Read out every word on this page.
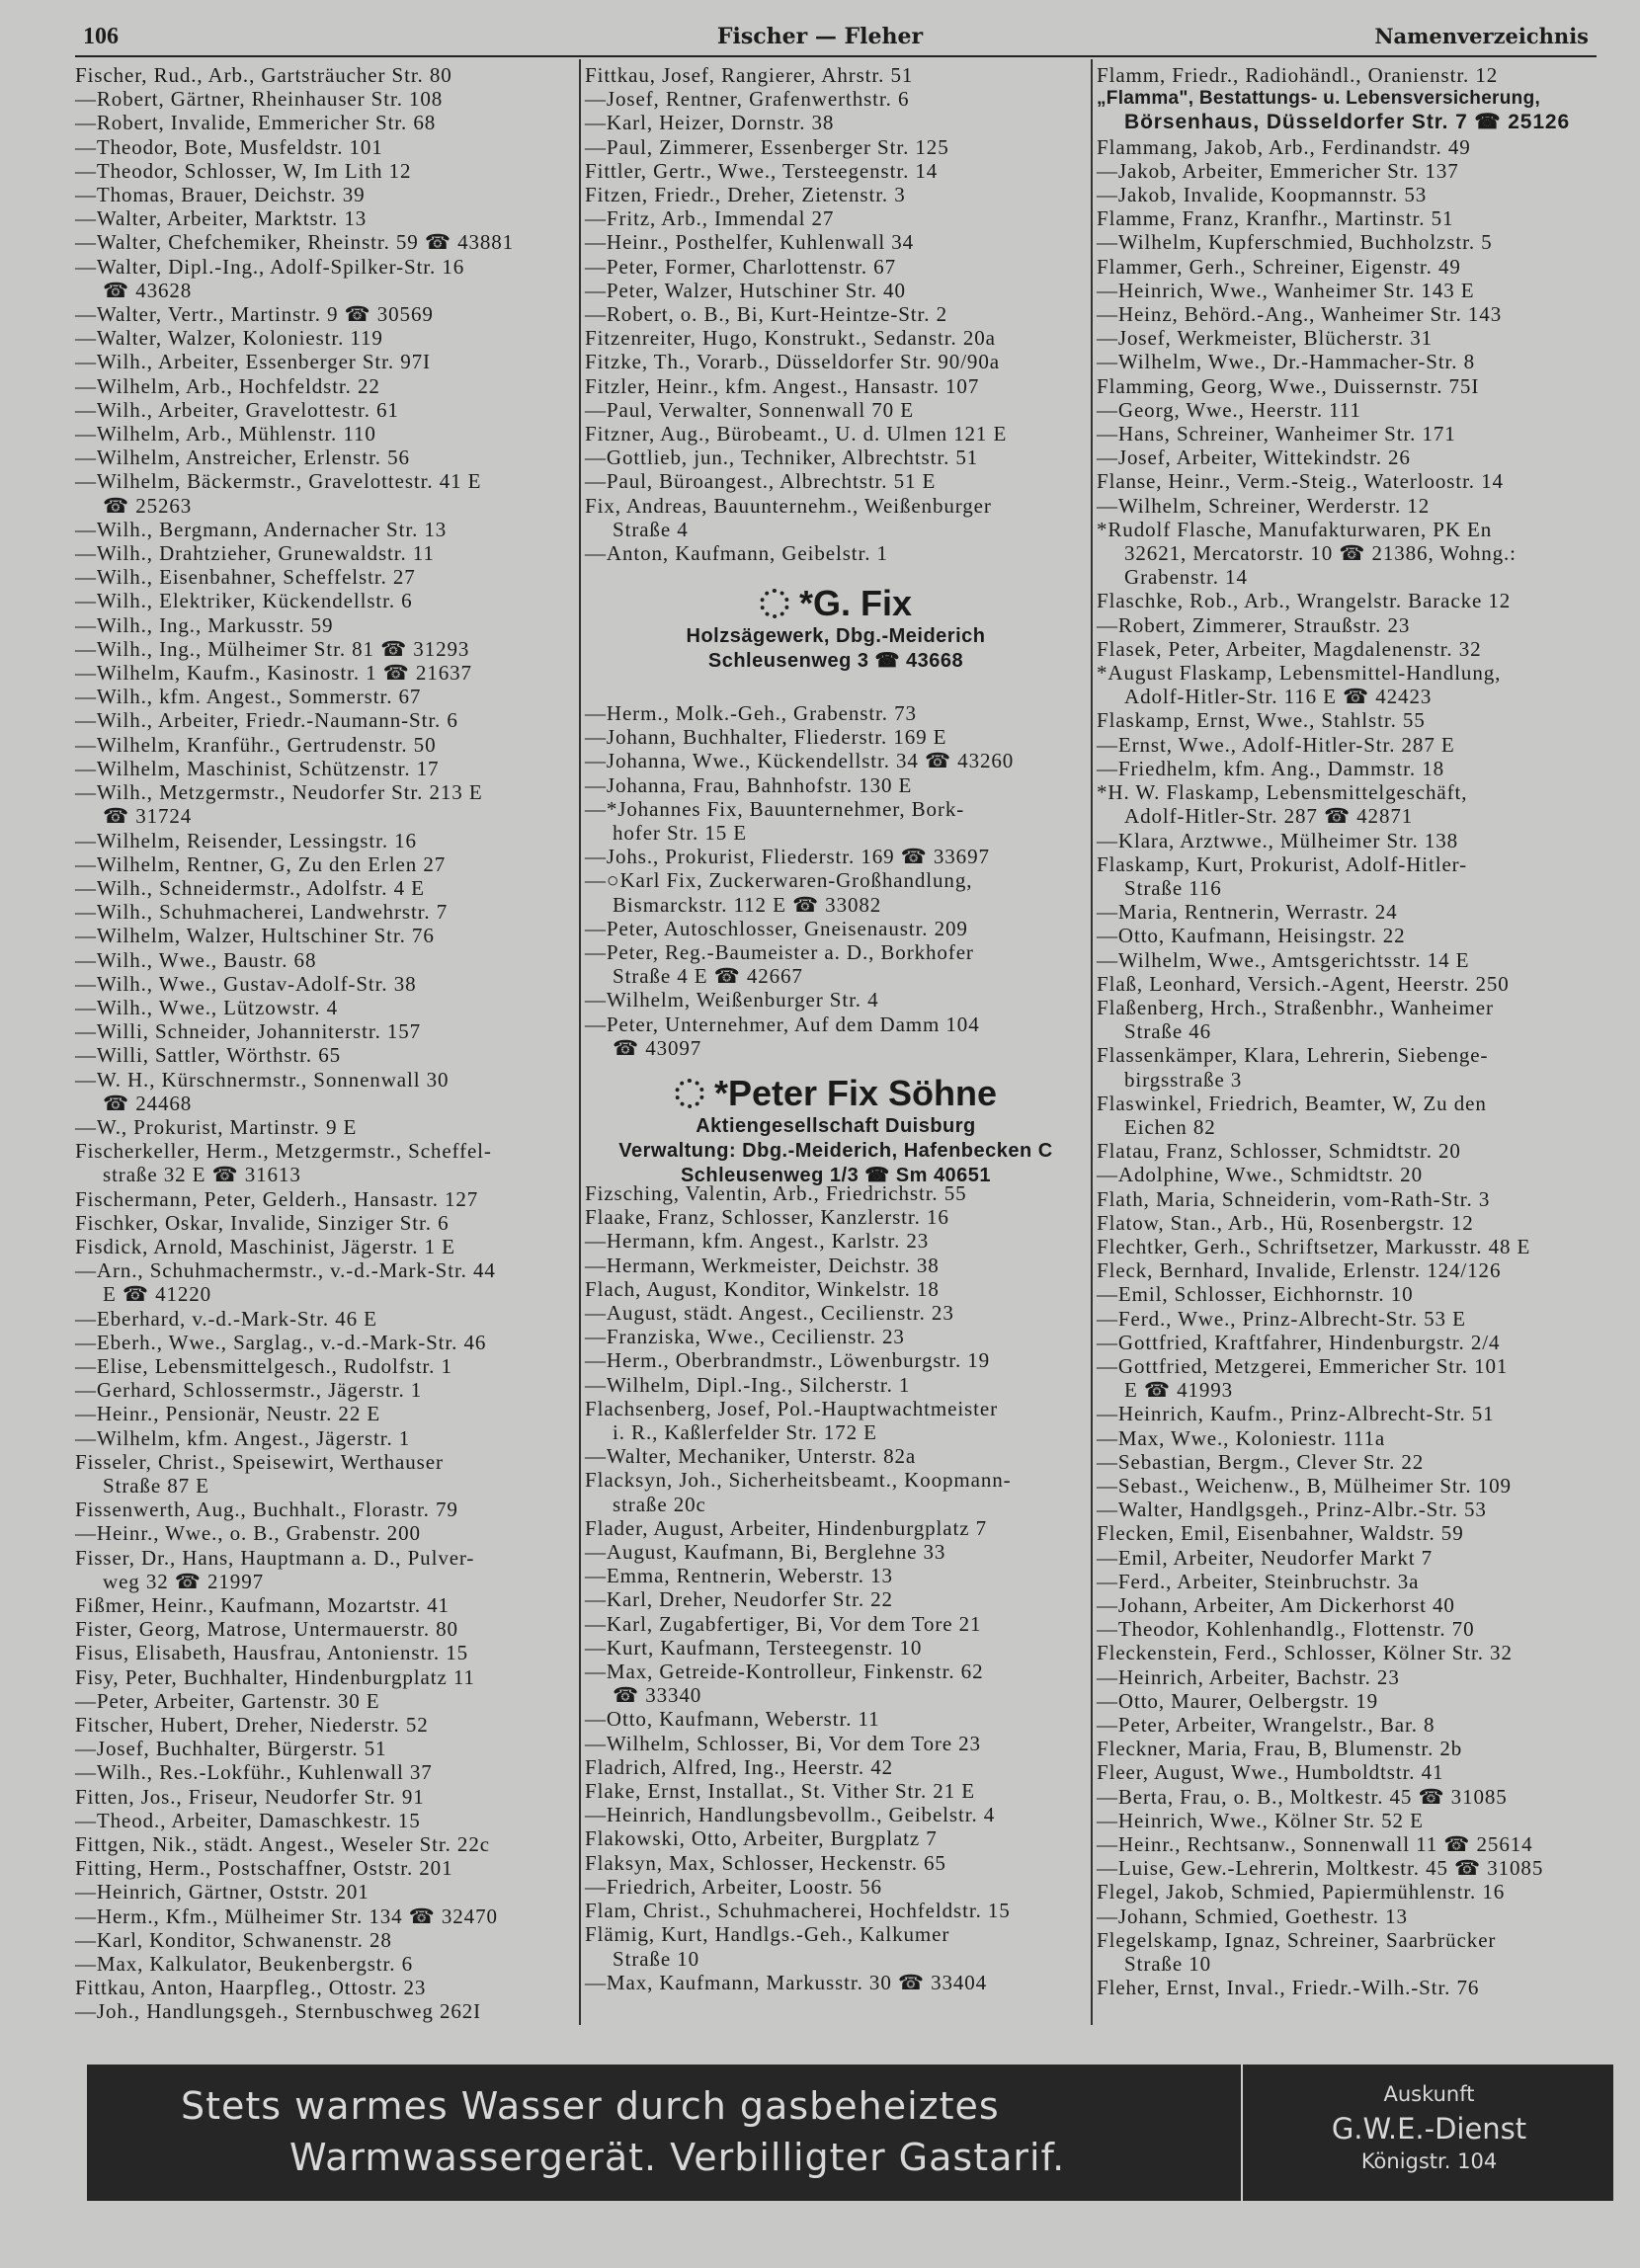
106	Fischer — Fleher	Namenverzeichnis
Fischer, Rud., Arb., Gartsträucher Str. 80
—Robert, Gärtner, Rheinhauser Str. 108
—Robert, Invalide, Emmericher Str. 68
—Theodor, Bote, Musfeldstr. 101
—Theodor, Schlosser, W, Im Lith 12
—Thomas, Brauer, Deichstr. 39
—Walter, Arbeiter, Marktstr. 13
—Walter, Chefchemiker, Rheinstr. 59 ☎ 43881
—Walter, Dipl.-Ing., Adolf-Spilker-Str. 16
☎ 43628
—Walter, Vertr., Martinstr. 9 ☎ 30569
—Walter, Walzer, Koloniestr. 119
—Wilh., Arbeiter, Essenberger Str. 97I
—Wilhelm, Arb., Hochfeldstr. 22
—Wilh., Arbeiter, Gravelottestr. 61
—Wilhelm, Arb., Mühlenstr. 110
—Wilhelm, Anstreicher, Erlenstr. 56
—Wilhelm, Bäckermstr., Gravelottestr. 41 E
☎ 25263
—Wilh., Bergmann, Andernacher Str. 13
—Wilh., Drahtzieher, Grunewaldstr. 11
—Wilh., Eisenbahner, Scheffelstr. 27
—Wilh., Elektriker, Kückendellstr. 6
—Wilh., Ing., Markusstr. 59
—Wilh., Ing., Mülheimer Str. 81 ☎ 31293
—Wilhelm, Kaufm., Kasinostr. 1 ☎ 21637
—Wilh., kfm. Angest., Sommerstr. 67
—Wilh., Arbeiter, Friedr.-Naumann-Str. 6
—Wilhelm, Kranführ., Gertrudenstr. 50
—Wilhelm, Maschinist, Schützenstr. 17
—Wilh., Metzgermstr., Neudorfer Str. 213 E
☎ 31724
—Wilhelm, Reisender, Lessingstr. 16
—Wilhelm, Rentner, G, Zu den Erlen 27
—Wilh., Schneidermstr., Adolfstr. 4 E
—Wilh., Schuhmacherei, Landwehrstr. 7
—Wilhelm, Walzer, Hultschiner Str. 76
—Wilh., Wwe., Baustr. 68
—Wilh., Wwe., Gustav-Adolf-Str. 38
—Wilh., Wwe., Lützowstr. 4
—Willi, Schneider, Johanniterstr. 157
—Willi, Sattler, Wörthstr. 65
—W. H., Kürschnermstr., Sonnenwall 30
☎ 24468
—W., Prokurist, Martinstr. 9 E
Fischerkeller, Herm., Metzgermstr., Scheffel-
straße 32 E ☎ 31613
Fischermann, Peter, Gelderh., Hansastr. 127
Fischker, Oskar, Invalide, Sinziger Str. 6
Fisdick, Arnold, Maschinist, Jägerstr. 1 E
—Arn., Schuhmachermstr., v.-d.-Mark-Str. 44
E ☎ 41220
—Eberhard, v.-d.-Mark-Str. 46 E
—Eberh., Wwe., Sarglag., v.-d.-Mark-Str. 46
—Elise, Lebensmittelgesch., Rudolfstr. 1
—Gerhard, Schlossermstr., Jägerstr. 1
—Heinr., Pensionär, Neustr. 22 E
—Wilhelm, kfm. Angest., Jägerstr. 1
Fisseler, Christ., Speisewirt, Werthauser
Straße 87 E
Fissenwerth, Aug., Buchhalt., Florastr. 79
—Heinr., Wwe., o. B., Grabenstr. 200
Fisser, Dr., Hans, Hauptmann a. D., Pulver-
weg 32 ☎ 21997
Fißmer, Heinr., Kaufmann, Mozartstr. 41
Fister, Georg, Matrose, Untermauerstr. 80
Fisus, Elisabeth, Hausfrau, Antonienstr. 15
Fisy, Peter, Buchhalter, Hindenburgplatz 11
—Peter, Arbeiter, Gartenstr. 30 E
Fitscher, Hubert, Dreher, Niederstr. 52
—Josef, Buchhalter, Bürgerstr. 51
—Wilh., Res.-Lokführ., Kuhlenwall 37
Fitten, Jos., Friseur, Neudorfer Str. 91
—Theod., Arbeiter, Damaschkestr. 15
Fittgen, Nik., städt. Angest., Weseler Str. 22c
Fitting, Herm., Postschaffner, Oststr. 201
—Heinrich, Gärtner, Oststr. 201
—Herm., Kfm., Mülheimer Str. 134 ☎ 32470
—Karl, Konditor, Schwanenstr. 28
—Max, Kalkulator, Beukenbergstr. 6
Fittkau, Anton, Haarpfleg., Ottostr. 23
—Joh., Handlungsgeh., Sternbuschweg 262I
Fittkau, Josef, Rangierer, Ahrstr. 51
—Josef, Rentner, Grafenwerthstr. 6
—Karl, Heizer, Dornstr. 38
—Paul, Zimmerer, Essenberger Str. 125
Fittler, Gertr., Wwe., Tersteegenstr. 14
Fitzen, Friedr., Dreher, Zietenstr. 3
—Fritz, Arb., Immendal 27
—Heinr., Posthelfer, Kuhlenwall 34
—Peter, Former, Charlottenstr. 67
—Peter, Walzer, Hutschiner Str. 40
—Robert, o. B., Bi, Kurt-Heintze-Str. 2
Fitzenreiter, Hugo, Konstrukt., Sedanstr. 20a
Fitzke, Th., Vorarb., Düsseldorfer Str. 90/90a
Fitzler, Heinr., kfm. Angest., Hansastr. 107
—Paul, Verwalter, Sonnenwall 70 E
Fitzner, Aug., Bürobeamt., U. d. Ulmen 121 E
—Gottlieb, jun., Techniker, Albrechtstr. 51
—Paul, Büroangest., Albrechtstr. 51 E
Fix, Andreas, Bauunternehm., Weißenburger
Straße 4
—Anton, Kaufmann, Geibelstr. 1
*G. Fix
Holzsägewerk, Dbg.-Meiderich
Schleusenweg 3 ☎ 43668
—Herm., Molk.-Geh., Grabenstr. 73
—Johann, Buchhalter, Fliederstr. 169 E
—Johanna, Wwe., Kückendellstr. 34 ☎ 43260
—Johanna, Frau, Bahnhofstr. 130 E
—*Johannes Fix, Bauunternehmer, Bork-
hofer Str. 15 E
—Johs., Prokurist, Fliederstr. 169 ☎ 33697
—○Karl Fix, Zuckerwaren-Großhandlung,
Bismarckstr. 112 E ☎ 33082
—Peter, Autoschlosser, Gneisenaustr. 209
—Peter, Reg.-Baumeister a. D., Borkhofer
Straße 4 E ☎ 42667
—Wilhelm, Weißenburger Str. 4
—Peter, Unternehmer, Auf dem Damm 104
☎ 43097
*Peter Fix Söhne
Aktiengesellschaft Duisburg
Verwaltung: Dbg.-Meiderich, Hafenbecken C
Schleusenweg 1/3 ☎ Sm 40651
Fizsching, Valentin, Arb., Friedrichstr. 55
Flaake, Franz, Schlosser, Kanzlerstr. 16
—Hermann, kfm. Angest., Karlstr. 23
—Hermann, Werkmeister, Deichstr. 38
Flach, August, Konditor, Winkelstr. 18
—August, städt. Angest., Cecilienstr. 23
—Franziska, Wwe., Cecilienstr. 23
—Herm., Oberbrandmstr., Löwenburgstr. 19
—Wilhelm, Dipl.-Ing., Silcherstr. 1
Flachsenberg, Josef, Pol.-Hauptwachtmeister
i. R., Kaßlerfelder Str. 172 E
—Walter, Mechaniker, Unterstr. 82a
Flacksyn, Joh., Sicherheitsbeamt., Koopmann-
straße 20c
Flader, August, Arbeiter, Hindenburgplatz 7
—August, Kaufmann, Bi, Berglehne 33
—Emma, Rentnerin, Weberstr. 13
—Karl, Dreher, Neudorfer Str. 22
—Karl, Zugabfertiger, Bi, Vor dem Tore 21
—Kurt, Kaufmann, Tersteegenstr. 10
—Max, Getreide-Kontrolleur, Finkenstr. 62
☎ 33340
—Otto, Kaufmann, Weberstr. 11
—Wilhelm, Schlosser, Bi, Vor dem Tore 23
Fladrich, Alfred, Ing., Heerstr. 42
Flake, Ernst, Installat., St. Vither Str. 21 E
—Heinrich, Handlungsbevollm., Geibelstr. 4
Flakowski, Otto, Arbeiter, Burgplatz 7
Flaksyn, Max, Schlosser, Heckenstr. 65
—Friedrich, Arbeiter, Loostr. 56
Flam, Christ., Schuhmacherei, Hochfeldstr. 15
Flämig, Kurt, Handlgs.-Geh., Kalkumer
Straße 10
—Max, Kaufmann, Markusstr. 30 ☎ 33404
Flamm, Friedr., Radiohändl., Oranienstr. 12
„Flamma", Bestattungs- u. Lebensversicherung,
Börsenhaus, Düsseldorfer Str. 7 ☎ 25126
Flammang, Jakob, Arb., Ferdinandstr. 49
—Jakob, Arbeiter, Emmericher Str. 137
—Jakob, Invalide, Koopmannstr. 53
Flamme, Franz, Kranfhr., Martinstr. 51
—Wilhelm, Kupferschmied, Buchholzstr. 5
Flammer, Gerh., Schreiner, Eigenstr. 49
—Heinrich, Wwe., Wanheimer Str. 143 E
—Heinz, Behörd.-Ang., Wanheimer Str. 143
—Josef, Werkmeister, Blücherstr. 31
—Wilhelm, Wwe., Dr.-Hammacher-Str. 8
Flamming, Georg, Wwe., Duissernstr. 75I
—Georg, Wwe., Heerstr. 111
—Hans, Schreiner, Wanheimer Str. 171
—Josef, Arbeiter, Wittekindstr. 26
Flanse, Heinr., Verm.-Steig., Waterloostr. 14
—Wilhelm, Schreiner, Werderstr. 12
*Rudolf Flasche, Manufakturwaren, PK En
32621, Mercatorstr. 10 ☎ 21386, Wohng.:
Grabenstr. 14
Flaschke, Rob., Arb., Wrangelstr. Baracke 12
—Robert, Zimmerer, Straußstr. 23
Flasek, Peter, Arbeiter, Magdalenenstr. 32
*August Flaskamp, Lebensmittel-Handlung,
Adolf-Hitler-Str. 116 E ☎ 42423
Flaskamp, Ernst, Wwe., Stahlstr. 55
—Ernst, Wwe., Adolf-Hitler-Str. 287 E
—Friedhelm, kfm. Ang., Dammstr. 18
*H. W. Flaskamp, Lebensmittelgeschäft,
Adolf-Hitler-Str. 287 ☎ 42871
—Klara, Arztwwe., Mülheimer Str. 138
Flaskamp, Kurt, Prokurist, Adolf-Hitler-
Straße 116
—Maria, Rentnerin, Werrastr. 24
—Otto, Kaufmann, Heisingstr. 22
—Wilhelm, Wwe., Amtsgerichtsstr. 14 E
Flaß, Leonhard, Versich.-Agent, Heerstr. 250
Flaßenberg, Hrch., Straßenbhr., Wanheimer
Straße 46
Flassenkämper, Klara, Lehrerin, Siebenge-
birgsstraße 3
Flaswinkel, Friedrich, Beamter, W, Zu den
Eichen 82
Flatau, Franz, Schlosser, Schmidtstr. 20
—Adolphine, Wwe., Schmidtstr. 20
Flath, Maria, Schneiderin, vom-Rath-Str. 3
Flatow, Stan., Arb., Hü, Rosenbergstr. 12
Flechtker, Gerh., Schriftsetzer, Markusstr. 48 E
Fleck, Bernhard, Invalide, Erlenstr. 124/126
—Emil, Schlosser, Eichhornstr. 10
—Ferd., Wwe., Prinz-Albrecht-Str. 53 E
—Gottfried, Kraftfahrer, Hindenburgstr. 2/4
—Gottfried, Metzgerei, Emmericher Str. 101
E ☎ 41993
—Heinrich, Kaufm., Prinz-Albrecht-Str. 51
—Max, Wwe., Koloniestr. 111a
—Sebastian, Bergm., Clever Str. 22
—Sebast., Weichenw., B, Mülheimer Str. 109
—Walter, Handlgsgeh., Prinz-Albr.-Str. 53
Flecken, Emil, Eisenbahner, Waldstr. 59
—Emil, Arbeiter, Neudorfer Markt 7
—Ferd., Arbeiter, Steinbruchstr. 3a
—Johann, Arbeiter, Am Dickerhorst 40
—Theodor, Kohlenhandlg., Flottenstr. 70
Fleckenstein, Ferd., Schlosser, Kölner Str. 32
—Heinrich, Arbeiter, Bachstr. 23
—Otto, Maurer, Oelbergstr. 19
—Peter, Arbeiter, Wrangelstr., Bar. 8
Fleckner, Maria, Frau, B, Blumenstr. 2b
Fleer, August, Wwe., Humboldtstr. 41
—Berta, Frau, o. B., Moltkestr. 45 ☎ 31085
—Heinrich, Wwe., Kölner Str. 52 E
—Heinr., Rechtsanw., Sonnenwall 11 ☎ 25614
—Luise, Gew.-Lehrerin, Moltkestr. 45 ☎ 31085
Flegel, Jakob, Schmied, Papiermühlenstr. 16
—Johann, Schmied, Goethestr. 13
Flegelskamp, Ignaz, Schreiner, Saarbrücker
Straße 10
Fleher, Ernst, Inval., Friedr.-Wilh.-Str. 76
Stets warmes Wasser durch gasbeheiztes
Warmwassergerät. Verbilligter Gastarif.
Auskunft
G.W.E.-Dienst
Königstr. 104
